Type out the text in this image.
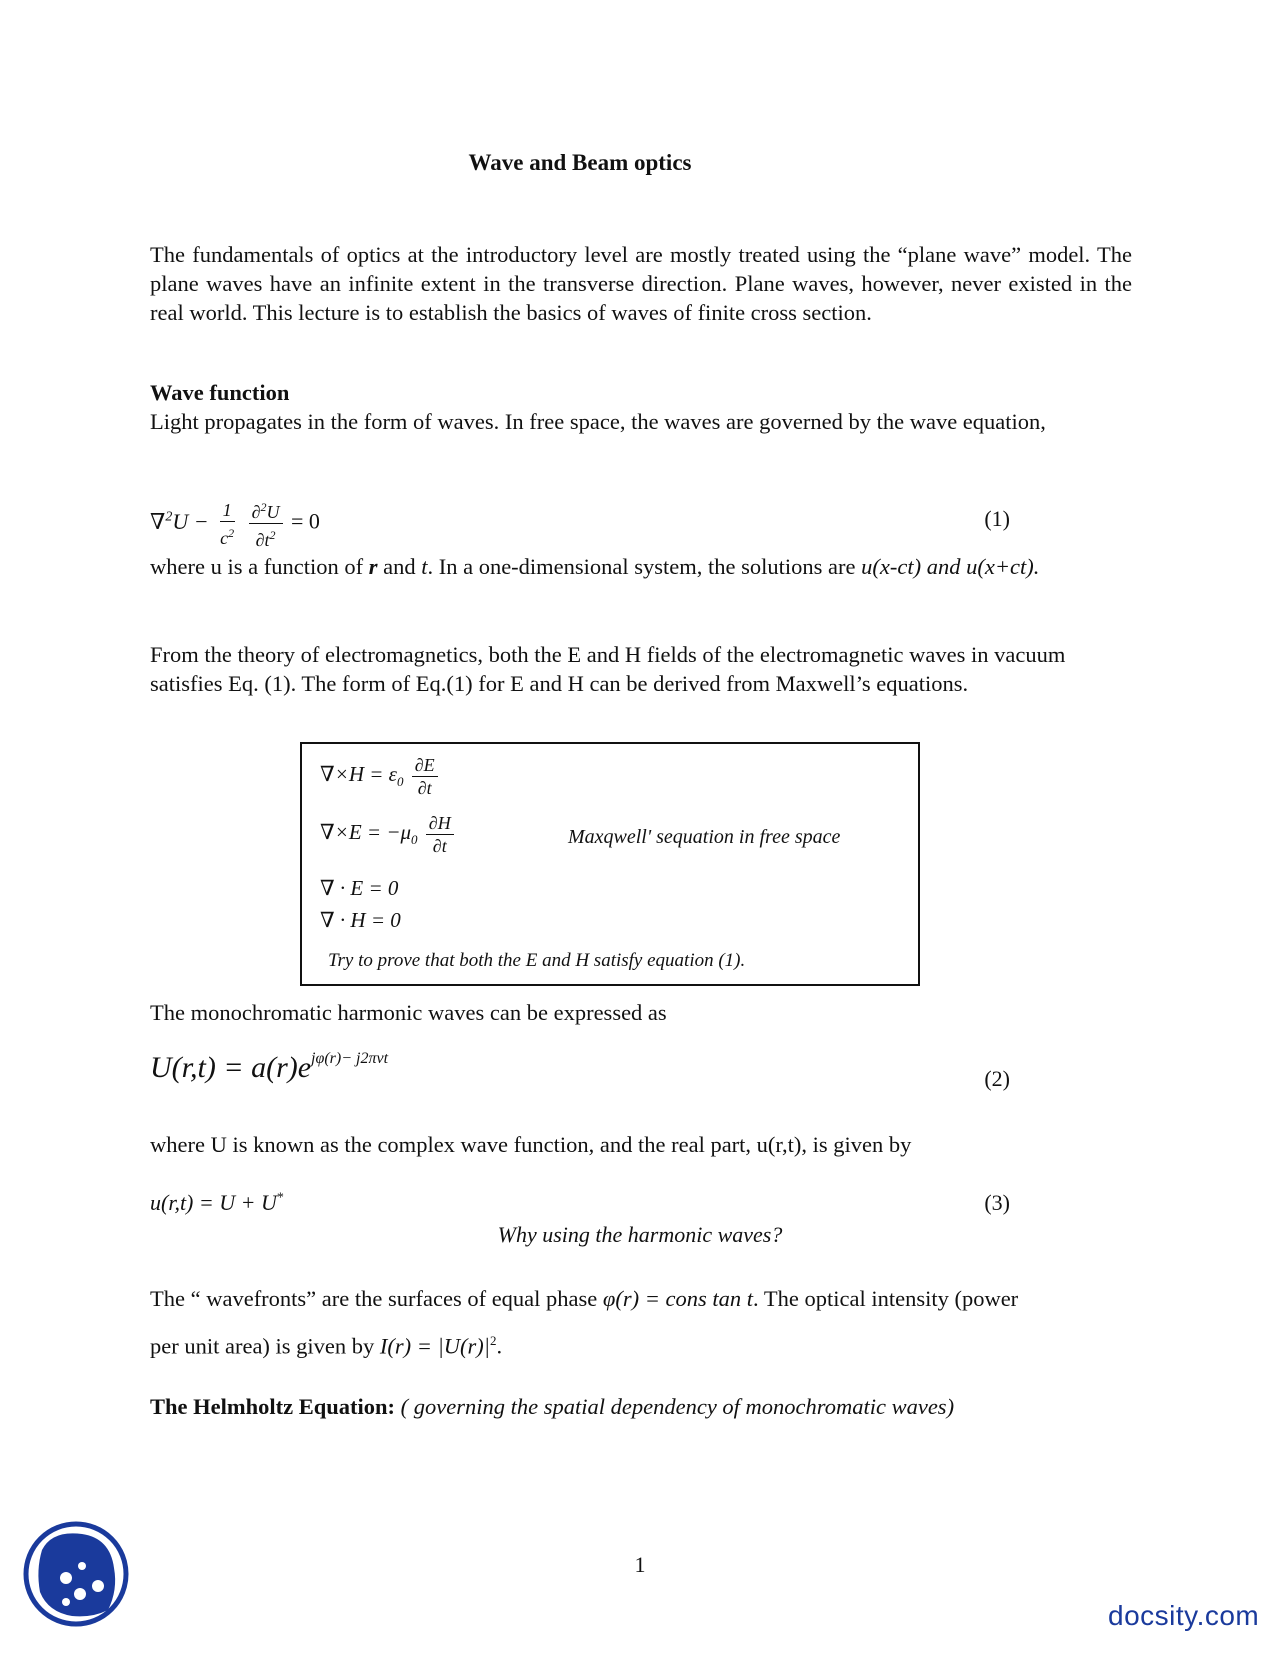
Wave and Beam optics
The fundamentals of optics at the introductory level are mostly treated using the “plane wave” model. The plane waves have an infinite extent in the transverse direction. Plane waves, however, never existed in the real world. This lecture is to establish the basics of waves of finite cross section.
Wave function
Light propagates in the form of waves. In free space, the waves are governed by the wave equation,
$\nabla^2U - \frac{1}{c^2}$
$\frac{\partial^2U}{\partial t^2} = 0$	(1)
where u is a function of r and t. In a one-dimensional system, the solutions are u(x-ct) and u(x+ct).
From the theory of electromagnetics, both the E and H fields of the electromagnetic waves in vacuum satisfies Eq. (1). The form of Eq.(1) for E and H can be derived from Maxwell’s equations.
$\nabla\times H = \varepsilon_0 \frac{\partial E}{\partial t}$
$\nabla\times E = -\mu_0 \frac{\partial H}{\partial t}$
∇ · E = 0
∇ · H = 0
Maxqwell' sequation in free space
Try to prove that both the E and H satisfy equation (1).
The monochromatic harmonic waves can be expressed as
$U(r,t) = a(r)e^{j\varphi(r)- j2\pi\nu t}$
(2)
where U is known as the complex wave function, and the real part, u(r,t), is given by
u(r,t) = U + U*	(3)
Why using the harmonic waves?
The “ wavefronts” are the surfaces of equal phase φ(r) = cons tan t. The optical intensity (power
per unit area) is given by $I(r) = |U(r)|^2$.
The Helmholtz Equation: ( governing the spatial dependency of monochromatic waves)
1
docsity.com
